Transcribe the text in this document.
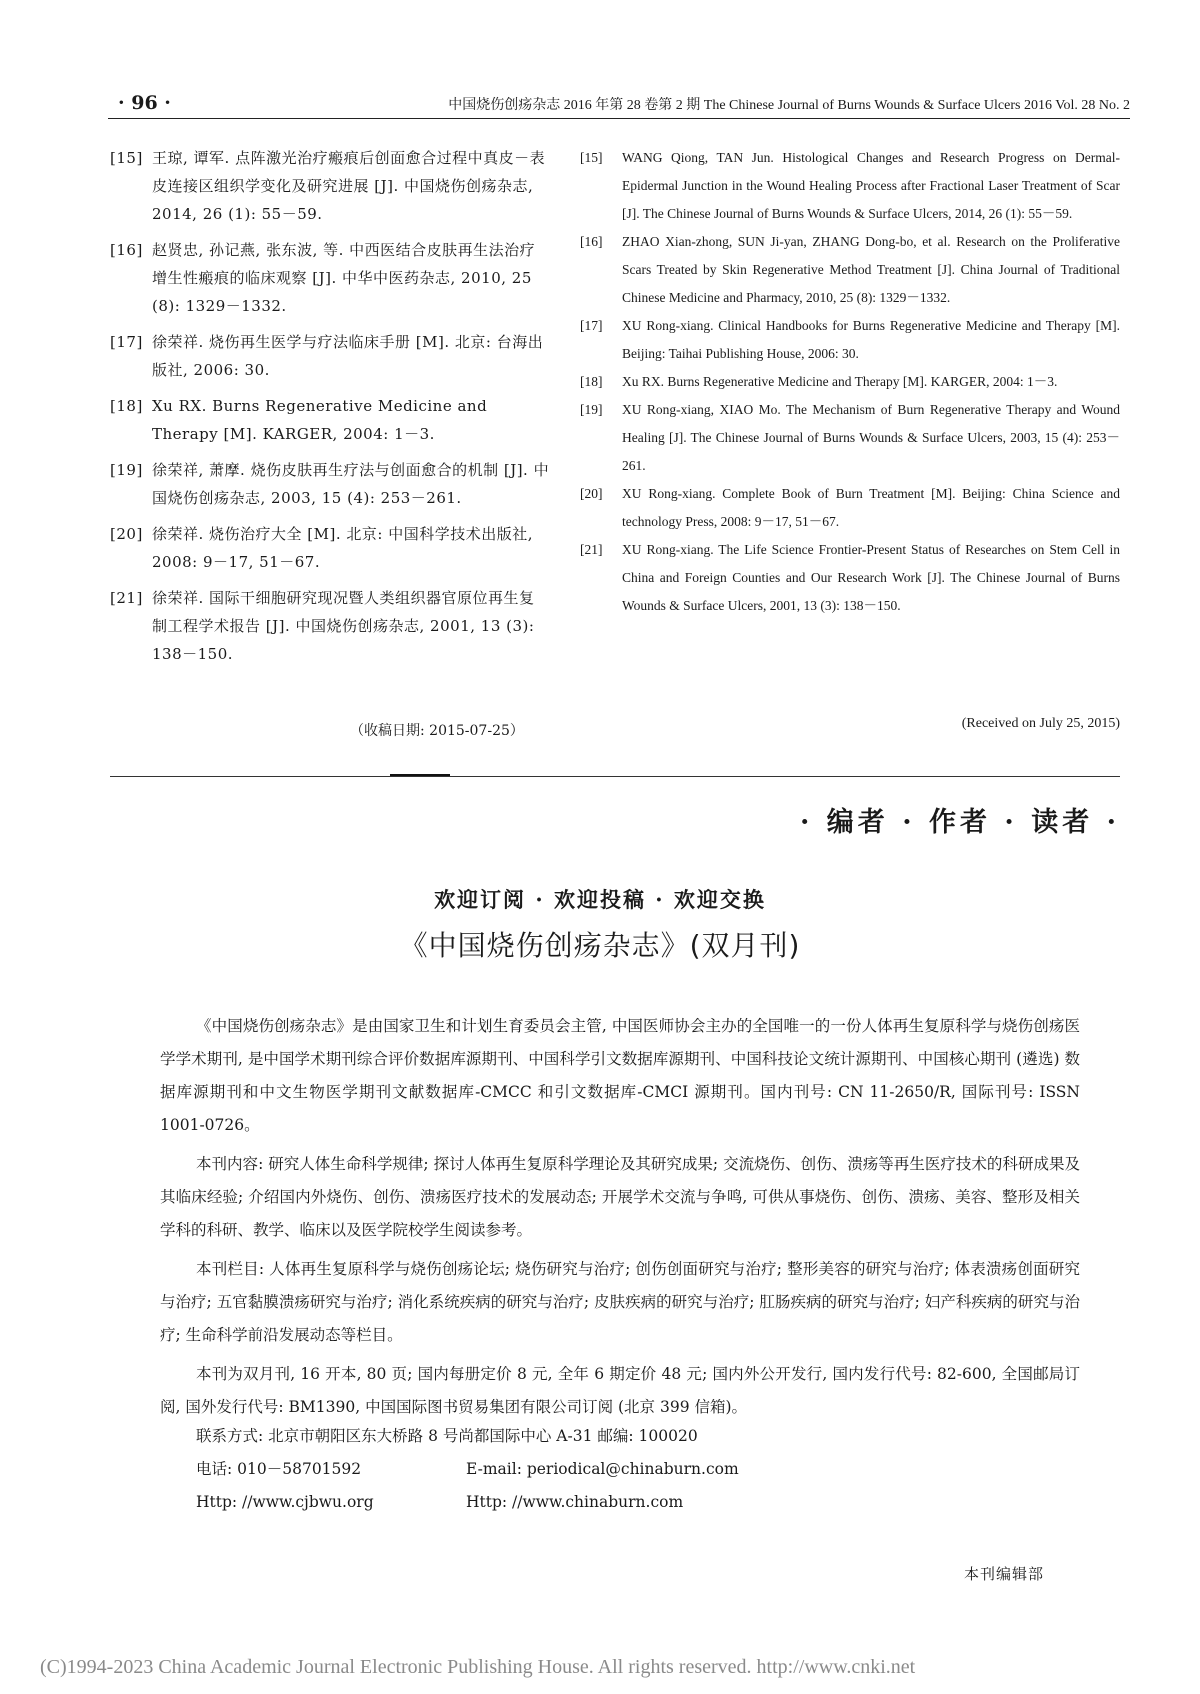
· 96 ·	中国烧伤创疡杂志 2016 年第 28 卷第 2 期 The Chinese Journal of Burns Wounds & Surface Ulcers 2016 Vol. 28 No. 2
[15] 王琼, 谭军. 点阵激光治疗瘢痕后创面愈合过程中真皮－表皮连接区组织学变化及研究进展 [J]. 中国烧伤创疡杂志, 2014, 26 (1): 55－59.
[16] 赵贤忠, 孙记燕, 张东波, 等. 中西医结合皮肤再生法治疗增生性瘢痕的临床观察 [J]. 中华中医药杂志, 2010, 25 (8): 1329－1332.
[17] 徐荣祥. 烧伤再生医学与疗法临床手册 [M]. 北京: 台海出版社, 2006: 30.
[18] Xu RX. Burns Regenerative Medicine and Therapy [M]. KARGER, 2004: 1－3.
[19] 徐荣祥, 萧摩. 烧伤皮肤再生疗法与创面愈合的机制 [J]. 中国烧伤创疡杂志, 2003, 15 (4): 253－261.
[20] 徐荣祥. 烧伤治疗大全 [M]. 北京: 中国科学技术出版社, 2008: 9－17, 51－67.
[21] 徐荣祥. 国际干细胞研究现况暨人类组织器官原位再生复制工程学术报告 [J]. 中国烧伤创疡杂志, 2001, 13 (3): 138－150.
[15] WANG Qiong, TAN Jun. Histological Changes and Research Progress on Dermal-Epidermal Junction in the Wound Healing Process after Fractional Laser Treatment of Scar [J]. The Chinese Journal of Burns Wounds & Surface Ulcers, 2014, 26 (1): 55－59.
[16] ZHAO Xian-zhong, SUN Ji-yan, ZHANG Dong-bo, et al. Research on the Proliferative Scars Treated by Skin Regenerative Method Treatment [J]. China Journal of Traditional Chinese Medicine and Pharmacy, 2010, 25 (8): 1329－1332.
[17] XU Rong-xiang. Clinical Handbooks for Burns Regenerative Medicine and Therapy [M]. Beijing: Taihai Publishing House, 2006: 30.
[18] Xu RX. Burns Regenerative Medicine and Therapy [M]. KARGER, 2004: 1－3.
[19] XU Rong-xiang, XIAO Mo. The Mechanism of Burn Regenerative Therapy and Wound Healing [J]. The Chinese Journal of Burns Wounds & Surface Ulcers, 2003, 15 (4): 253－261.
[20] XU Rong-xiang. Complete Book of Burn Treatment [M]. Beijing: China Science and technology Press, 2008: 9－17, 51－67.
[21] XU Rong-xiang. The Life Science Frontier-Present Status of Researches on Stem Cell in China and Foreign Counties and Our Research Work [J]. The Chinese Journal of Burns Wounds & Surface Ulcers, 2001, 13 (3): 138－150.
（收稿日期: 2015-07-25）	(Received on July 25, 2015)
· 编者 · 作者 · 读者 ·
欢迎订阅 · 欢迎投稿 · 欢迎交换
《中国烧伤创疡杂志》(双月刊)

《中国烧伤创疡杂志》是由国家卫生和计划生育委员会主管, 中国医师协会主办的全国唯一的一份人体再生复原科学与烧伤创疡医学学术期刊, 是中国学术期刊综合评价数据库源期刊、中国科学引文数据库源期刊、中国科技论文统计源期刊、中国核心期刊 (遴选) 数据库源期刊和中文生物医学期刊文献数据库-CMCC 和引文数据库-CMCI 源期刊。国内刊号: CN 11-2650/R, 国际刊号: ISSN 1001-0726。

本刊内容: 研究人体生命科学规律; 探讨人体再生复原科学理论及其研究成果; 交流烧伤、创伤、溃疡等再生医疗技术的科研成果及其临床经验; 介绍国内外烧伤、创伤、溃疡医疗技术的发展动态; 开展学术交流与争鸣, 可供从事烧伤、创伤、溃疡、美容、整形及相关学科的科研、教学、临床以及医学院校学生阅读参考。

本刊栏目: 人体再生复原科学与烧伤创疡论坛; 烧伤研究与治疗; 创伤创面研究与治疗; 整形美容的研究与治疗; 体表溃疡创面研究与治疗; 五官黏膜溃疡研究与治疗; 消化系统疾病的研究与治疗; 皮肤疾病的研究与治疗; 肛肠疾病的研究与治疗; 妇产科疾病的研究与治疗; 生命科学前沿发展动态等栏目。

本刊为双月刊, 16 开本, 80 页; 国内每册定价 8 元, 全年 6 期定价 48 元; 国内外公开发行, 国内发行代号: 82-600, 全国邮局订阅, 国外发行代号: BM1390, 中国国际图书贸易集团有限公司订阅 (北京 399 信箱)。

联系方式: 北京市朝阳区东大桥路 8 号尚都国际中心 A-31 邮编: 100020
电话: 010－58701592	E-mail: periodical@chinaburn.com
Http: //www.cjbwu.org	Http: //www.chinaburn.com
本刊编辑部
(C)1994-2023 China Academic Journal Electronic Publishing House. All rights reserved. http://www.cnki.net
